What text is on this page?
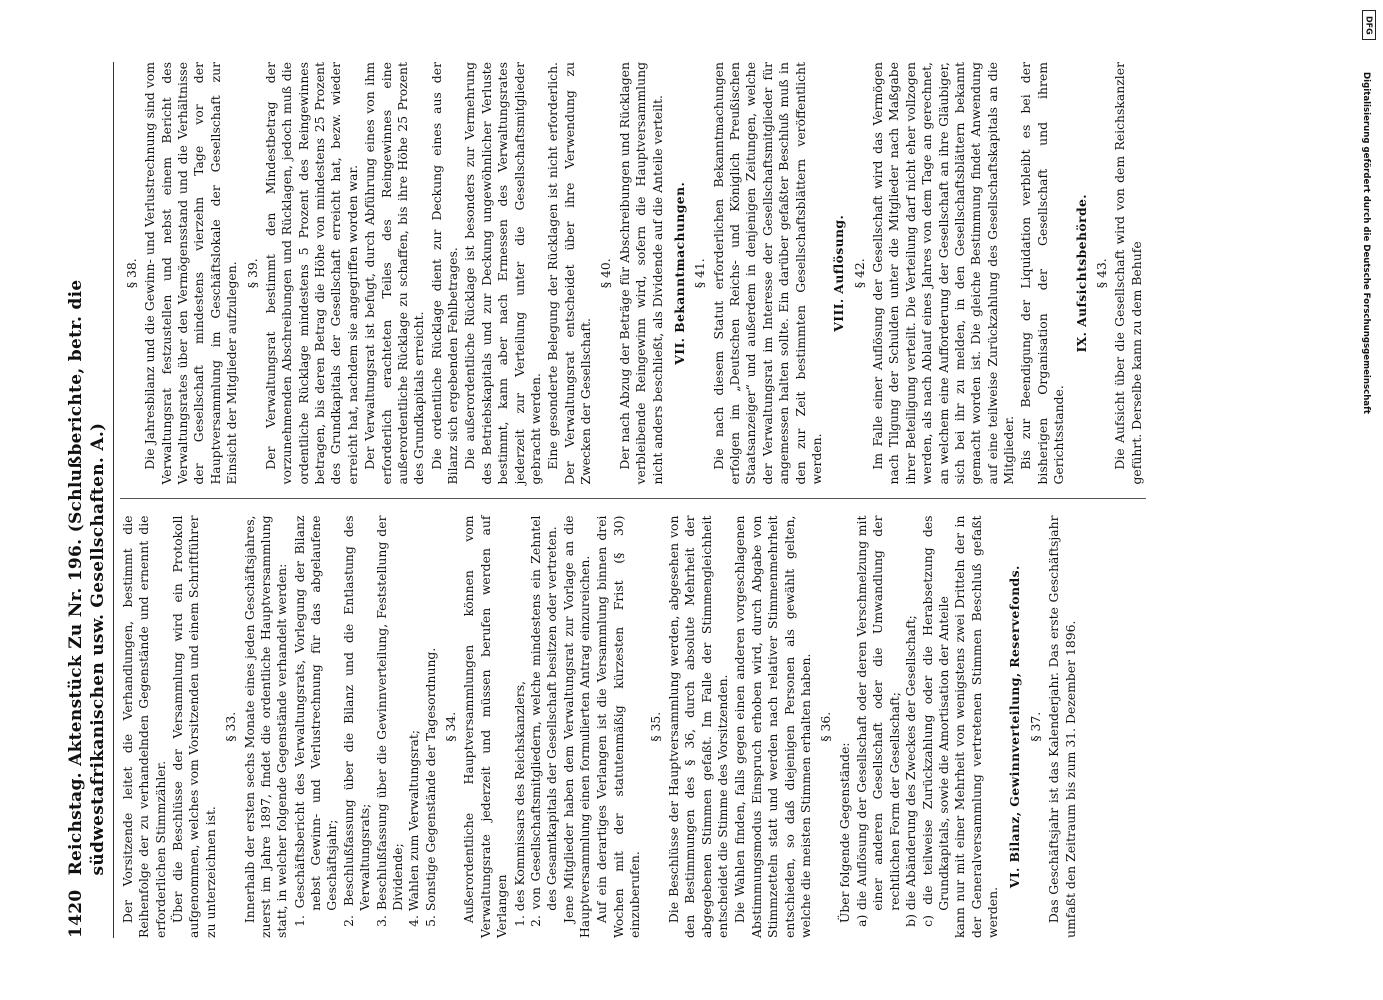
1420
Reichstag. Aktenstück Zu Nr. 196. (Schlußberichte, betr. die südwestafrikanischen usw. Gesellschaften. A.) Der Vorsitzende leitet die Verhandlungen, bestimmt die Reihenfolge der zu verhandelnden Gegenstände und ernennt die erforderlichen Stimmzähler. Über die Beschlüsse der Versammlung wird ein Protokoll aufgenommen, welches vom Vorsitzenden und einem Schriftführer zu unterzeichnen ist.

§ 33. Innerhalb der ersten sechs Monate eines jeden Geschäftsjahres, zuerst im Jahre 1897, findet die ordentliche Hauptversammlung statt, in welcher folgende Gegenstände verhandelt werden: 1. Geschäftsbericht des Verwaltungsrats, Vorlegung der Bilanz nebst Gewinn- und Verlustrechnung für das abgelaufene Geschäftsjahr; 2. Beschlußfassung über die Bilanz und die Entlastung des Verwaltungsrats; 3. Beschlußfassung über die Gewinnverteilung, Feststellung der Dividende; 4. Wahlen zum Verwaltungsrat; 5. Sonstige Gegenstände der Tagesordnung. § 34. Außerordentliche Hauptversammlungen können vom Verwaltungsrate jederzeit und müssen berufen werden auf Verlangen 1. des Kommissars des Reichskanzlers, 2. von Gesellschaftsmitgliedern, welche mindestens ein Zehntel des Gesamtkapitals der Gesellschaft besitzen oder vertreten. Jene Mitglieder haben dem Verwaltungsrat zur Vorlage an die Hauptversammlung einen formulierten Antrag einzureichen. Auf ein derartiges Verlangen ist die Versammlung binnen drei Wochen mit der statutenmäßig kürzesten Frist (§ 30) einzuberufen.

§ 35. Die Beschlüsse der Hauptversammlung werden, abgesehen von den Bestimmungen des § 36, durch absolute Mehrheit der abgegebenen Stimmen gefaßt. Im Falle der Stimmengleichheit entscheidet die Stimme des Vorsitzenden. Die Wahlen finden, falls gegen einen anderen vorgeschlagenen Abstimmungsmodus Einspruch erhoben wird, durch Abgabe von Stimmzetteln statt und werden nach relativer Stimmenmehrheit entschieden, so daß diejenigen Personen als gewählt gelten, welche die meisten Stimmen erhalten haben. § 36.

Über folgende Gegenstände: a) die Auflösung der Gesellschaft oder deren Verschmelzung mit einer anderen Gesellschaft oder die Umwandlung der rechtlichen Form der Gesellschaft; b) die Abänderung des Zweckes der Gesellschaft; c) die teilweise Zurückzahlung oder die Herabsetzung des Grundkapitals, sowie die Amortisation der Anteile kann nur mit einer Mehrheit von wenigstens zwei Dritteln der in der Generalversammlung vertretenen Stimmen Beschluß gefaßt werden.

VI. Bilanz, Gewinnverteilung, Reservefonds. § 37. Das Geschäftsjahr ist das Kalenderjahr. Das erste Geschäftsjahr umfaßt den Zeitraum bis zum 31. Dezember 1896.

§ 38. Die Jahresbilanz und die Gewinn- und Verlustrechnung sind vom Verwaltungsrat festzustellen und nebst einem Bericht des Verwaltungsrates über den Vermögensstand und die Verhältnisse der Gesellschaft mindestens vierzehn Tage vor der Hauptversammlung im Geschäftslokale der Gesellschaft zur Einsicht der Mitglieder aufzulegen. § 39. Der Verwaltungsrat bestimmt den Mindestbetrag der vorzunehmenden Abschreibungen und Rücklagen, jedoch muß die ordentliche Rücklage mindestens 5 Prozent des Reingewinnes betragen, bis deren Betrag die Höhe von mindestens 25 Prozent des Grundkapitals der Gesellschaft erreicht hat, bezw. wieder erreicht hat, nachdem sie angegriffen worden war. Der Verwaltungsrat ist befugt, durch Abführung eines von ihm erforderlich erachteten Teiles des Reingewinnes eine außerordentliche Rücklage zu schaffen, bis ihre Höhe 25 Prozent des Grundkapitals erreicht. Die ordentliche Rücklage dient zur Deckung eines aus der Bilanz sich ergebenden Fehlbetrages. Die außerordentliche Rücklage ist besonders zur Vermehrung des Betriebskapitals und zur Deckung ungewöhnlicher Verluste bestimmt, kann aber nach Ermessen des Verwaltungsrates jederzeit zur Verteilung unter die Gesellschaftsmitglieder gebracht werden. Eine gesonderte Belegung der Rücklagen ist nicht erforderlich. Der Verwaltungsrat entscheidet über ihre Verwendung zu Zwecken der Gesellschaft.

§ 40. Der nach Abzug der Beträge für Abschreibungen und Rücklagen verbleibende Reingewinn wird, sofern die Hauptversammlung nicht anders beschließt, als Dividende auf die Anteile verteilt. VII. Bekanntmachungen. § 41. Die nach diesem Statut erforderlichen Bekanntmachungen erfolgen im „Deutschen Reichs- und Königlich Preußischen Staatsanzeiger“ und außerdem in denjenigen Zeitungen, welche der Verwaltungsrat im Interesse der Gesellschaftsmitglieder für angemessen halten sollte. Ein darüber gefaßter Beschluß muß in den zur Zeit bestimmten Gesellschaftsblättern veröffentlicht werden.

VIII. Auflösung. § 42. Im Falle einer Auflösung der Gesellschaft wird das Vermögen nach Tilgung der Schulden unter die Mitglieder nach Maßgabe ihrer Beteiligung verteilt. Die Verteilung darf nicht eher vollzogen werden, als nach Ablauf eines Jahres von dem Tage an gerechnet, an welchem eine Aufforderung der Gesellschaft an ihre Gläubiger, sich bei ihr zu melden, in den Gesellschaftsblättern bekannt gemacht worden ist. Die gleiche Bestimmung findet Anwendung auf eine teilweise Zurückzahlung des Gesellschaftskapitals an die Mitglieder. Bis zur Beendigung der Liquidation verbleibt es bei der bisherigen Organisation der Gesellschaft und ihrem Gerichtsstande.

IX. Aufsichtsbehörde. § 43. Die Aufsicht über die Gesellschaft wird von dem Reichskanzler geführt. Derselbe kann zu dem Behufe

DFG
Digitalisierung gefördert durch die Deutsche Forschungsgemeinschaft
